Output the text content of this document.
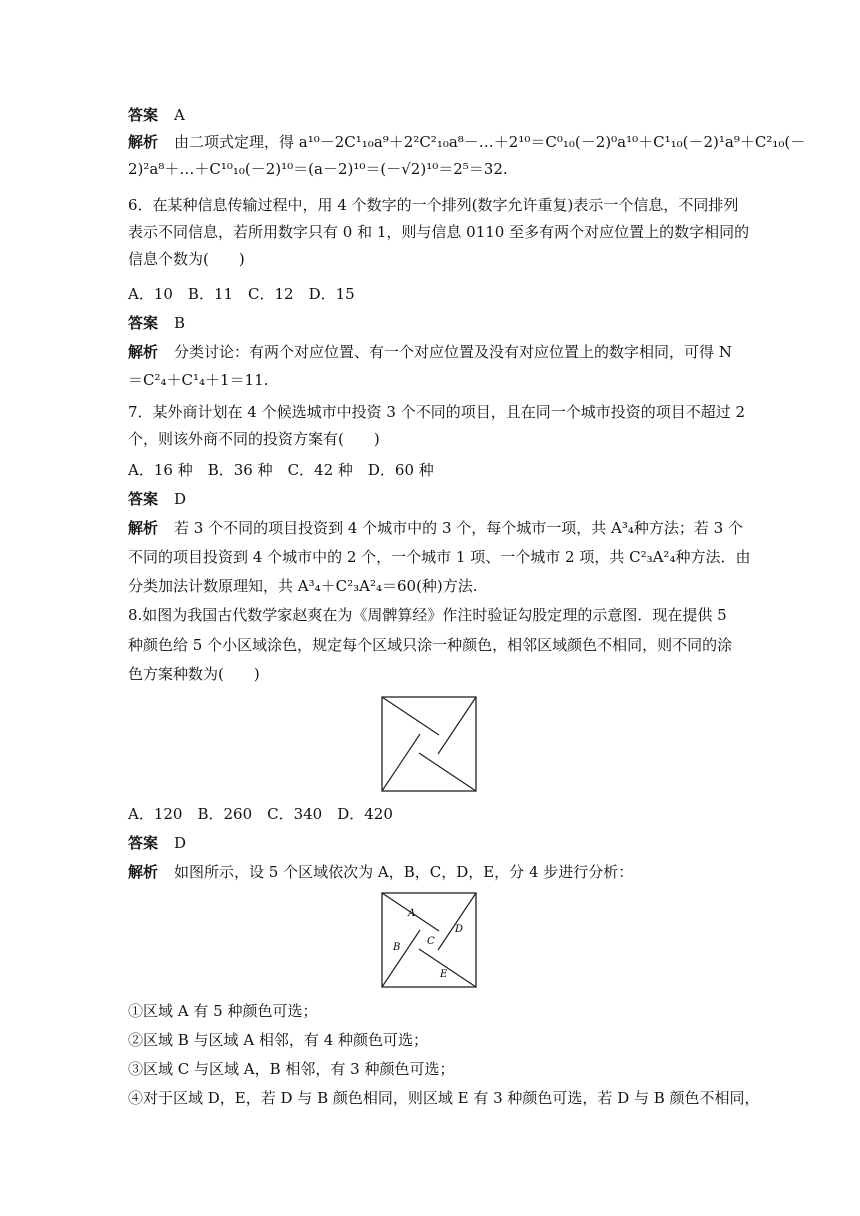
答案 A
解析 由二项式定理，得 a¹⁰－2C¹₁₀a⁹＋2²C²₁₀a⁸－…＋2¹⁰＝C⁰₁₀(－2)⁰a¹⁰＋C¹₁₀(－2)¹a⁹＋C²₁₀(－
2)²a⁸＋…＋C¹⁰₁₀(－2)¹⁰＝(a－2)¹⁰＝(－√2)¹⁰＝2⁵＝32.
6．在某种信息传输过程中，用 4 个数字的一个排列(数字允许重复)表示一个信息，不同排列
表示不同信息，若所用数字只有 0 和 1，则与信息 0110 至多有两个对应位置上的数字相同的
信息个数为(　　)
A．10　B．11　C．12　D．15
答案 B
解析 分类讨论：有两个对应位置、有一个对应位置及没有对应位置上的数字相同，可得 N
＝C²₄＋C¹₄＋1＝11.
7．某外商计划在 4 个候选城市中投资 3 个不同的项目，且在同一个城市投资的项目不超过 2
个，则该外商不同的投资方案有(　　)
A．16 种　B．36 种　C．42 种　D．60 种
答案 D
解析 若 3 个不同的项目投资到 4 个城市中的 3 个，每个城市一项，共 A³₄种方法；若 3 个
不同的项目投资到 4 个城市中的 2 个，一个城市 1 项、一个城市 2 项，共 C²₃A²₄种方法．由
分类加法计数原理知，共 A³₄＋C²₃A²₄＝60(种)方法.
8.如图为我国古代数学家赵爽在为《周髀算经》作注时验证勾股定理的示意图．现在提供 5
种颜色给 5 个小区域涂色，规定每个区域只涂一种颜色，相邻区域颜色不相同，则不同的涂
色方案种数为(　　)
A．120　B．260　C．340　D．420
答案 D
解析 如图所示，设 5 个区域依次为 A，B，C，D，E，分 4 步进行分析：
A
B
C
D
E
①区域 A 有 5 种颜色可选；
②区域 B 与区域 A 相邻，有 4 种颜色可选；
③区域 C 与区域 A，B 相邻，有 3 种颜色可选；
④对于区域 D，E，若 D 与 B 颜色相同，则区域 E 有 3 种颜色可选，若 D 与 B 颜色不相同，
